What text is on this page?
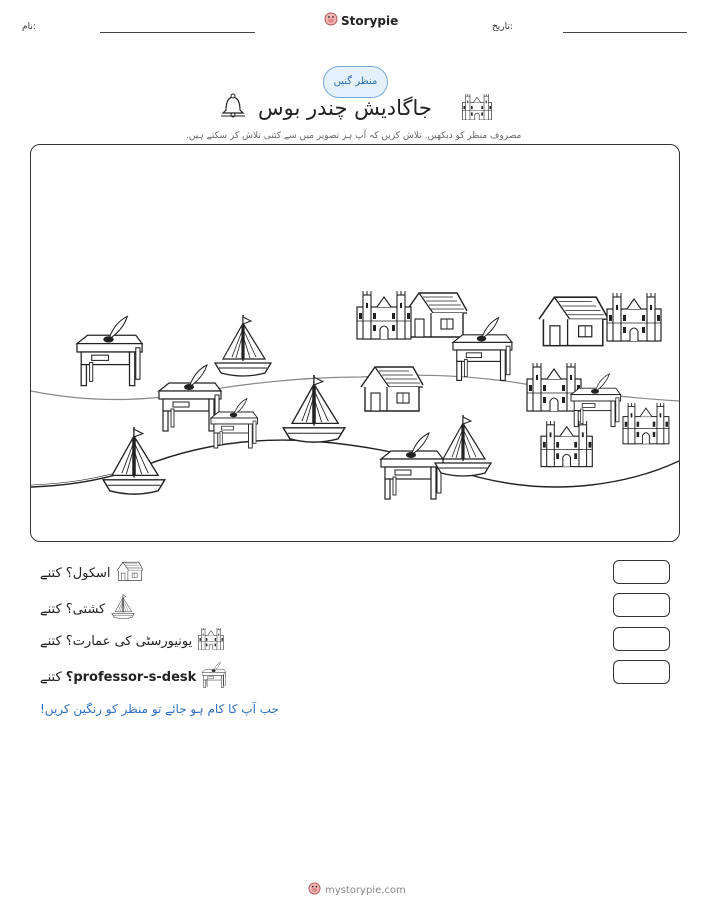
نام:	Storypie	تاریخ:
منظر گنیں
جاگادیش چندر بوس
مصروف منظر کو دیکھیں. تلاش کریں کہ آپ ہر تصویر میں سے کتنی تلاش کر سکتے ہیں.
اسکول؟ کتنے
کشتی؟ کتنے
یونیورسٹی کی عمارت؟ کتنے
professor-s-desk؟ کتنے
جب آپ کا کام ہو جائے تو منظر کو رنگین کریں!
mystorypie.com
